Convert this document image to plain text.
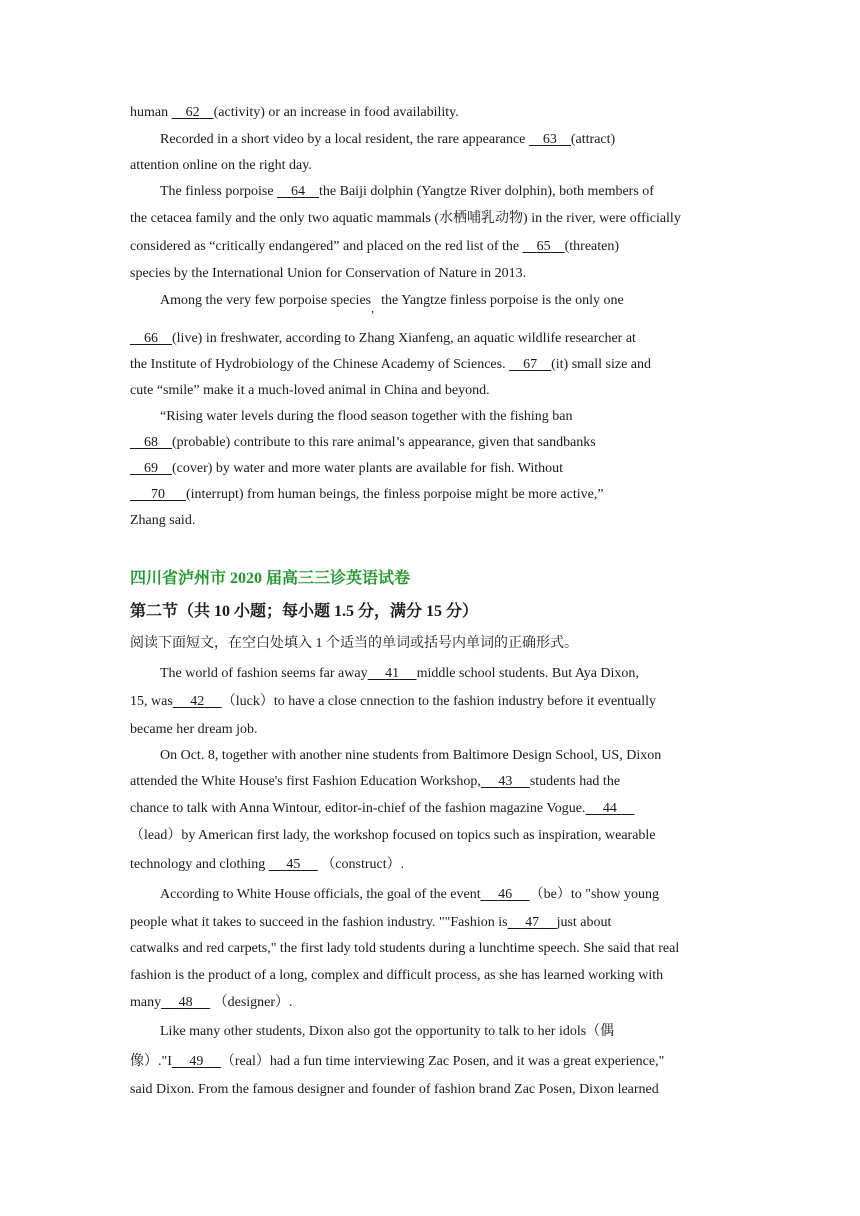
human     62 (activity) or an increase in food availability.
Recorded in a short video by a local resident, the rare appearance     63 (attract)
attention online on the right day.
The finless porpoise     64 the Baiji dolphin (Yangtze River dolphin), both members of
the cetacea family and the only two aquatic mammals (水栖哺乳动物) in the river, were officially
considered as “critically endangered” and placed on the red list of the     65 (threaten)
species by the International Union for Conservation of Nature in 2013.
Among the very few porpoise species,  the Yangtze finless porpoise is the only one
66 (live) in freshwater, according to Zhang Xianfeng, an aquatic wildlife researcher at
the Institute of Hydrobiology of the Chinese Academy of Sciences.     67 (it) small size and
cute “smile” make it a much-loved animal in China and beyond.
“Rising water levels during the flood season together with the fishing ban
68 (probable) contribute to this rare animal’s appearance, given that sandbanks
69 (cover) by water and more water plants are available for fish. Without
70 (interrupt) from human beings, the finless porpoise might be more active,”
Zhang said.
四川省泸州市 2020 届高三三诊英语试卷
第二节（共 10 小题；每小题 1.5 分，满分 15 分）
阅读下面短文，在空白处填入 1 个适当的单词或括号内单词的正确形式。
The world of fashion seems far away 41 middle school students. But Aya Dixon,
15, was 42 （luck）to have a close cnnection to the fashion industry before it eventually
became her dream job.
On Oct. 8, together with another nine students from Baltimore Design School, US, Dixon
attended the White House's first Fashion Education Workshop, 43 students had the
chance to talk with Anna Wintour, editor-in-chief of the fashion magazine Vogue. 44
（lead）by American first lady, the workshop focused on topics such as inspiration, wearable
technology and clothing      45      （construct）.
According to White House officials, the goal of the event 46 （be）to "show young
people what it takes to succeed in the fashion industry. ""Fashion is 47 just about
catwalks and red carpets," the first lady told students during a lunchtime speech. She said that real
fashion is the product of a long, complex and difficult process, as she has learned working with
many 48      （designer）.
Like many other students, Dixon also got the opportunity to talk to her idols（偶
像）."I 49 （real）had a fun time interviewing Zac Posen, and it was a great experience,"
said Dixon. From the famous designer and founder of fashion brand Zac Posen, Dixon learned
